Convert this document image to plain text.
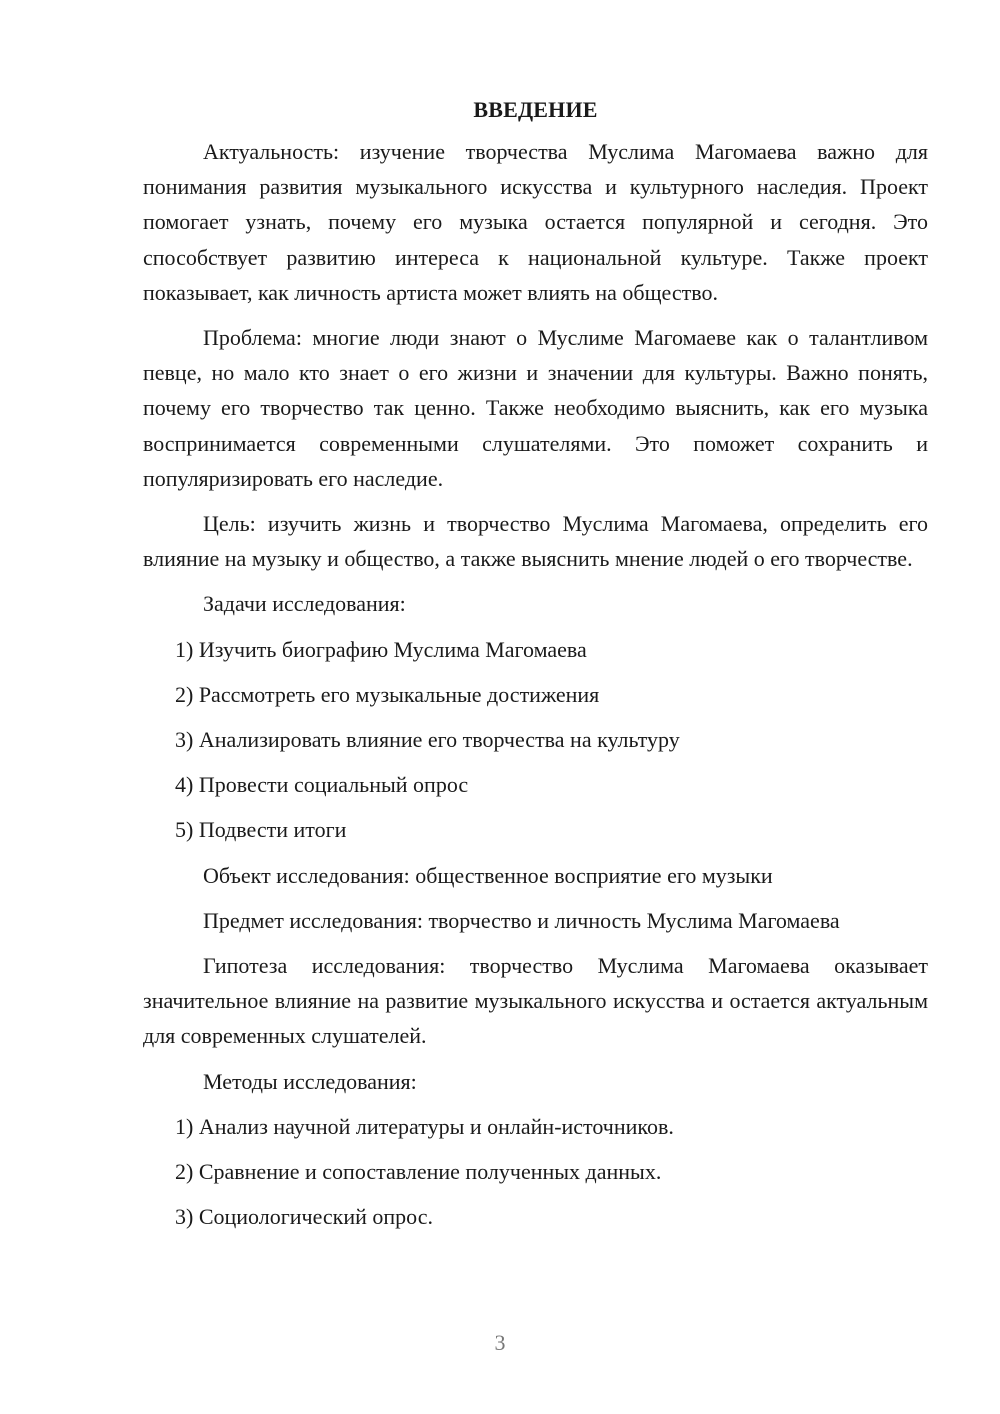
ВВЕДЕНИЕ

Актуальность: изучение творчества Муслима Магомаева важно для понимания развития музыкального искусства и культурного наследия. Проект помогает узнать, почему его музыка остается популярной и сегодня. Это способствует развитию интереса к национальной культуре. Также проект показывает, как личность артиста может влиять на общество.

Проблема: многие люди знают о Муслиме Магомаеве как о талантливом певце, но мало кто знает о его жизни и значении для культуры. Важно понять, почему его творчество так ценно. Также необходимо выяснить, как его музыка воспринимается современными слушателями. Это поможет сохранить и популяризировать его наследие.

Цель: изучить жизнь и творчество Муслима Магомаева, определить его влияние на музыку и общество, а также выяснить мнение людей о его творчестве.

Задачи исследования:
1) Изучить биографию Муслима Магомаева
2) Рассмотреть его музыкальные достижения
3) Анализировать влияние его творчества на культуру
4) Провести социальный опрос
5) Подвести итоги
Объект исследования: общественное восприятие его музыки
Предмет исследования: творчество и личность Муслима Магомаева

Гипотеза исследования: творчество Муслима Магомаева оказывает значительное влияние на развитие музыкального искусства и остается актуальным для современных слушателей.

Методы исследования:
1) Анализ научной литературы и онлайн-источников.
2) Сравнение и сопоставление полученных данных.
3) Социологический опрос.
3
